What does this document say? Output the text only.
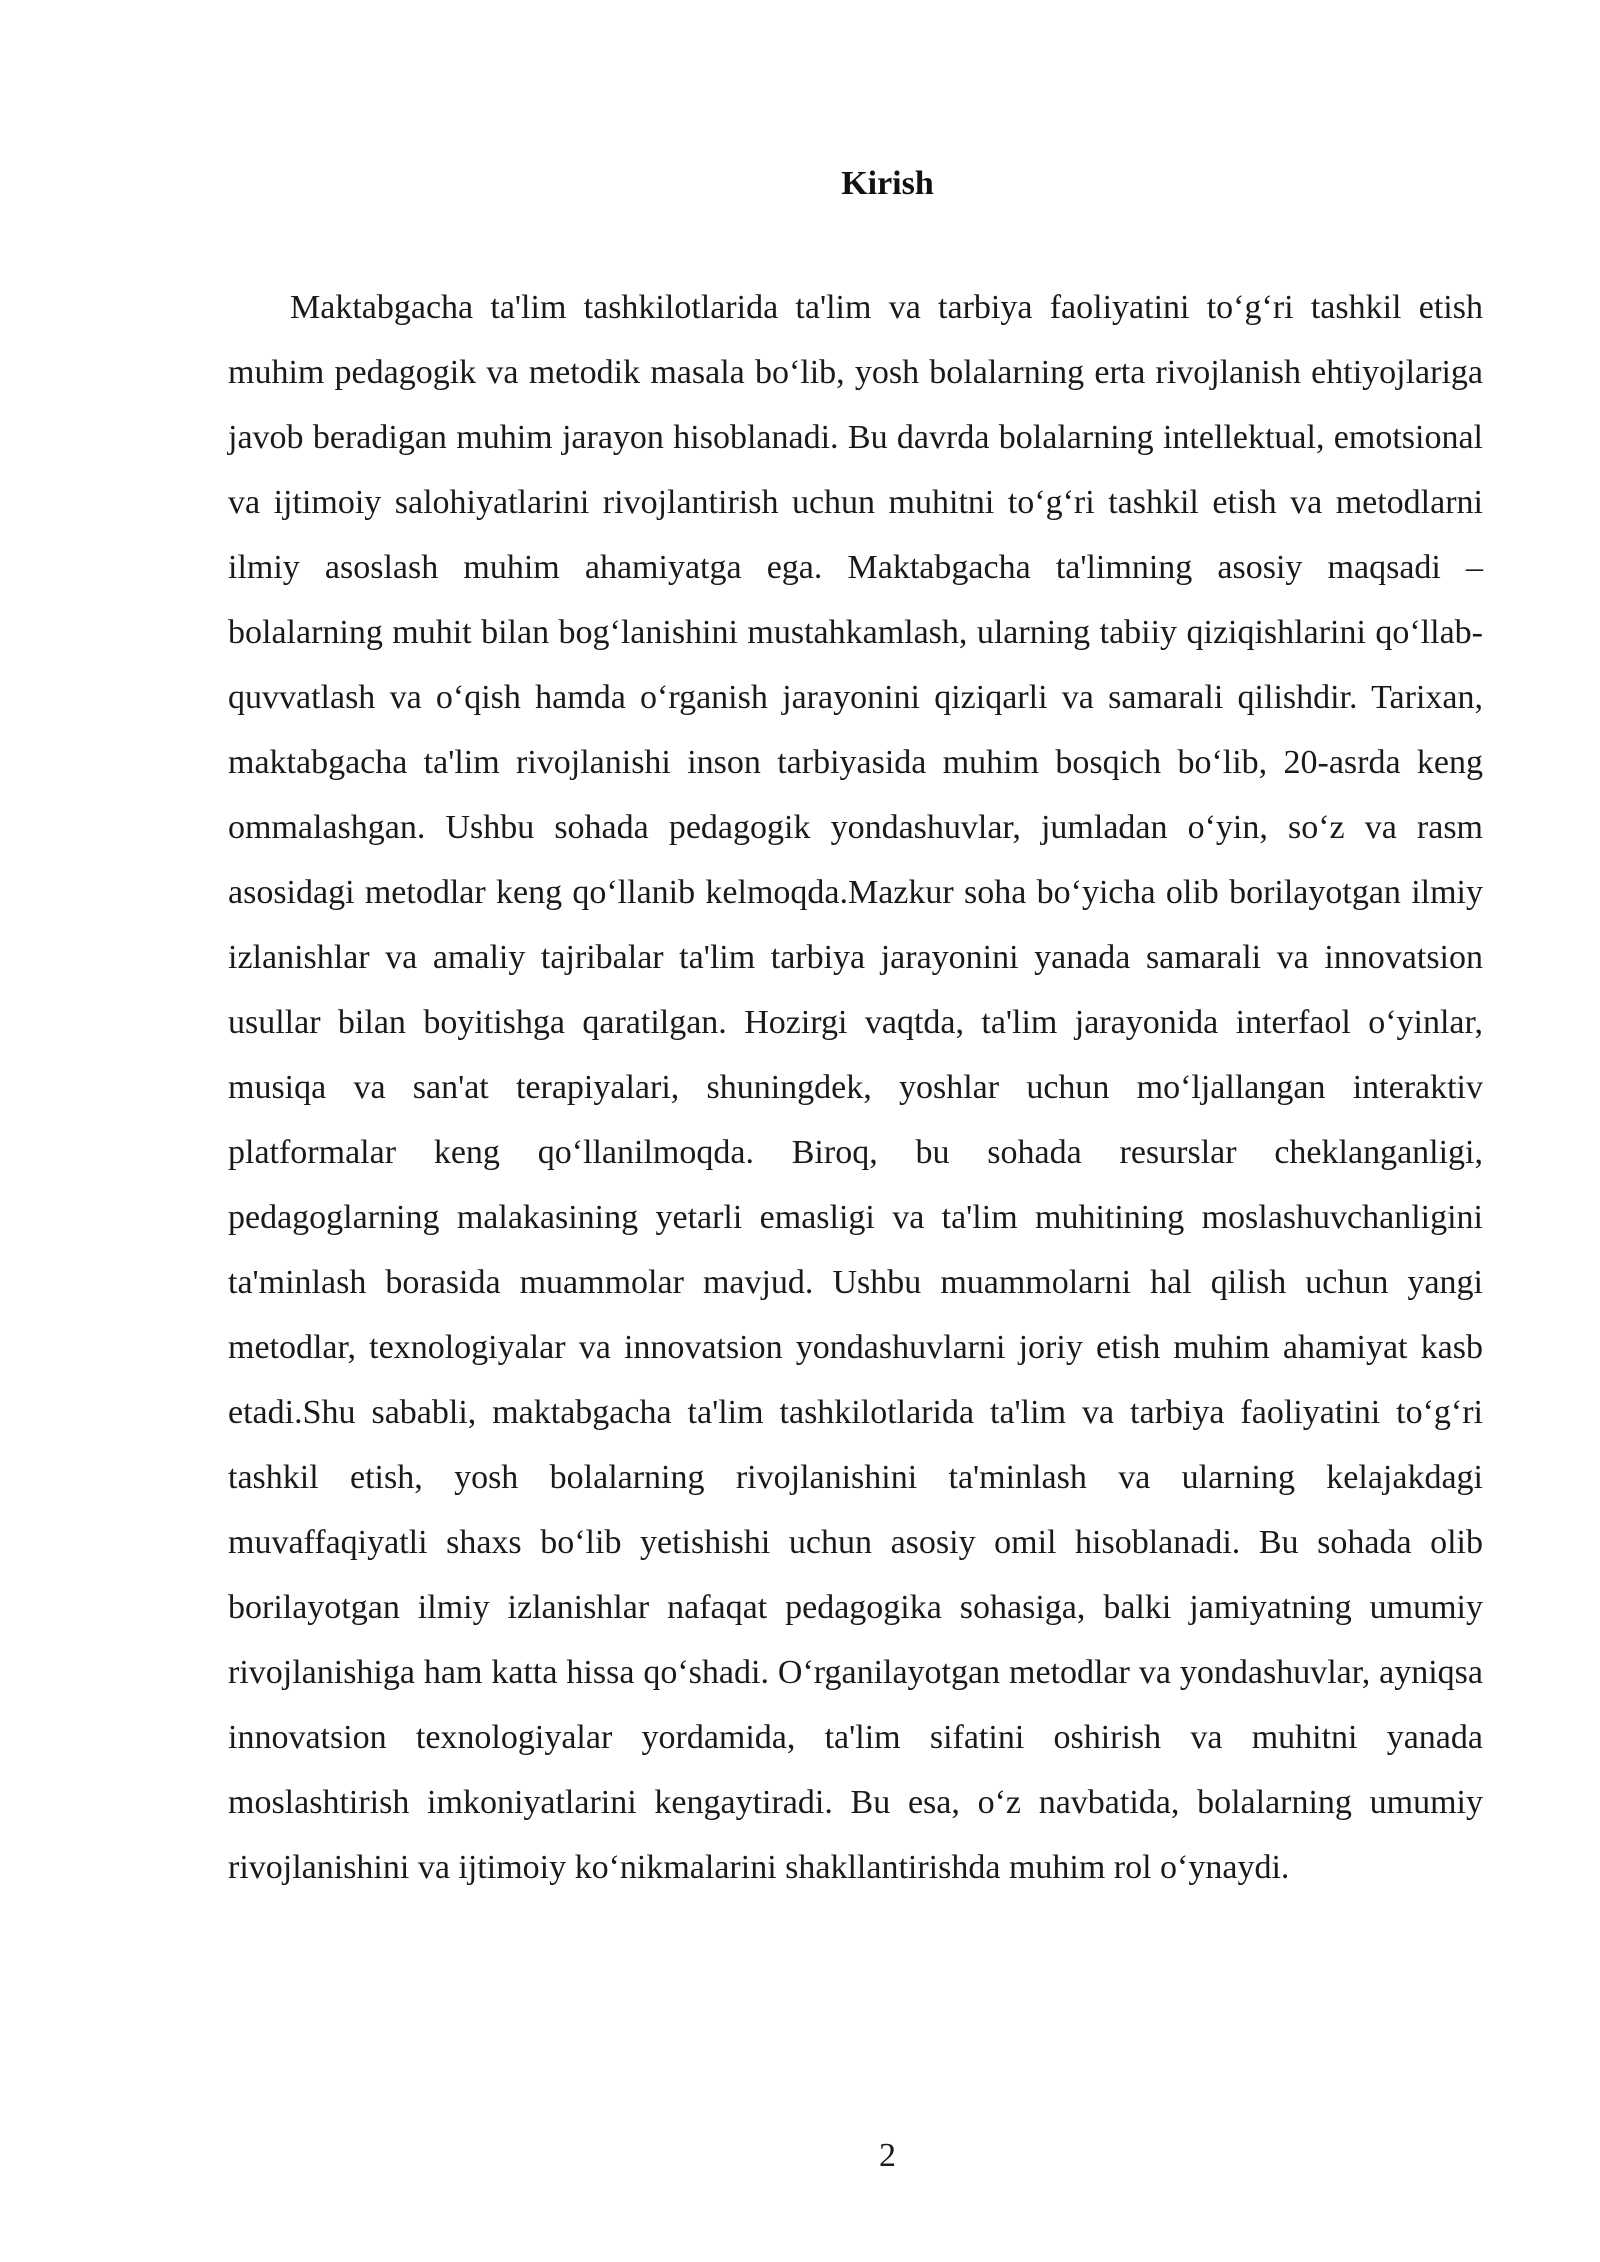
Kirish

Maktabgacha ta'lim tashkilotlarida ta'lim va tarbiya faoliyatini to‘g‘ri tashkil etish muhim pedagogik va metodik masala bo‘lib, yosh bolalarning erta rivojlanish ehtiyojlariga javob beradigan muhim jarayon hisoblanadi. Bu davrda bolalarning intellektual, emotsional va ijtimoiy salohiyatlarini rivojlantirish uchun muhitni to‘g‘ri tashkil etish va metodlarni ilmiy asoslash muhim ahamiyatga ega. Maktabgacha ta'limning asosiy maqsadi – bolalarning muhit bilan bog‘lanishini mustahkamlash, ularning tabiiy qiziqishlarini qo‘llab-quvvatlash va o‘qish hamda o‘rganish jarayonini qiziqarli va samarali qilishdir. Tarixan, maktabgacha ta'lim rivojlanishi inson tarbiyasida muhim bosqich bo‘lib, 20-asrda keng ommalashgan. Ushbu sohada pedagogik yondashuvlar, jumladan o‘yin, so‘z va rasm asosidagi metodlar keng qo‘llanib kelmoqda.Mazkur soha bo‘yicha olib borilayotgan ilmiy izlanishlar va amaliy tajribalar ta'lim tarbiya jarayonini yanada samarali va innovatsion usullar bilan boyitishga qaratilgan. Hozirgi vaqtda, ta'lim jarayonida interfaol o‘yinlar, musiqa va san'at terapiyalari, shuningdek, yoshlar uchun mo‘ljallangan interaktiv platformalar keng qo‘llanilmoqda. Biroq, bu sohada resurslar cheklanganligi, pedagoglarning malakasining yetarli emasligi va ta'lim muhitining moslashuvchanligini ta'minlash borasida muammolar mavjud. Ushbu muammolarni hal qilish uchun yangi metodlar, texnologiyalar va innovatsion yondashuvlarni joriy etish muhim ahamiyat kasb etadi.Shu sababli, maktabgacha ta'lim tashkilotlarida ta'lim va tarbiya faoliyatini to‘g‘ri tashkil etish, yosh bolalarning rivojlanishini ta'minlash va ularning kelajakdagi muvaffaqiyatli shaxs bo‘lib yetishishi uchun asosiy omil hisoblanadi. Bu sohada olib borilayotgan ilmiy izlanishlar nafaqat pedagogika sohasiga, balki jamiyatning umumiy rivojlanishiga ham katta hissa qo‘shadi. O‘rganilayotgan metodlar va yondashuvlar, ayniqsa innovatsion texnologiyalar yordamida, ta'lim sifatini oshirish va muhitni yanada moslashtirish imkoniyatlarini kengaytiradi. Bu esa, o‘z navbatida, bolalarning umumiy rivojlanishini va ijtimoiy ko‘nikmalarini shakllantirishda muhim rol o‘ynaydi.

2
